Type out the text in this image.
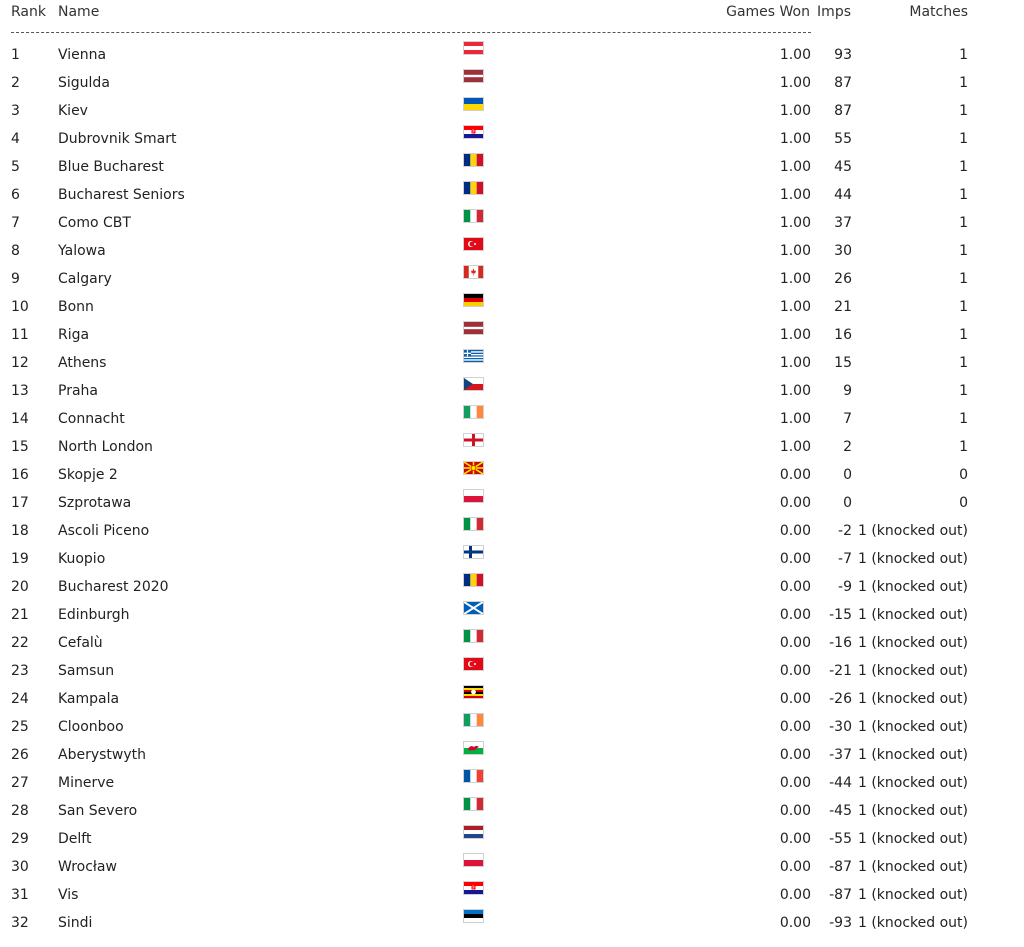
Rank Name	Games Won Imps	Matches
1	Vienna	1.00 93	1
2	Sigulda	1.00 87	1
3	Kiev	1.00 87	1
4	Dubrovnik Smart	1.00 55	1
5	Blue Bucharest	1.00 45	1
6	Bucharest Seniors	1.00 44	1
7	Como CBT	1.00 37	1
8	Yalowa	1.00 30	1
9	Calgary	1.00 26	1
10 Bonn	1.00 21	1
11 Riga	1.00 16	1
12 Athens	1.00 15	1
13 Praha	1.00 9	1
14 Connacht	1.00 7	1
15 North London	1.00 2	1
16 Skopje 2	0.00 0	0
17 Szprotawa	0.00 0	0
18 Ascoli Piceno	0.00 -2 1 (knocked out)
19 Kuopio	0.00 -7 1 (knocked out)
20 Bucharest 2020	0.00 -9 1 (knocked out)
21 Edinburgh	0.00 -15 1 (knocked out)
22 Cefalù	0.00 -16 1 (knocked out)
23 Samsun	0.00 -21 1 (knocked out)
24 Kampala	0.00 -26 1 (knocked out)
25 Cloonboo	0.00 -30 1 (knocked out)
26 Aberystwyth	0.00 -37 1 (knocked out)
27 Minerve	0.00 -44 1 (knocked out)
28 San Severo	0.00 -45 1 (knocked out)
29 Delft	0.00 -55 1 (knocked out)
30 Wrocław	0.00 -87 1 (knocked out)
31 Vis	0.00 -87 1 (knocked out)
32 Sindi	0.00 -93 1 (knocked out)
